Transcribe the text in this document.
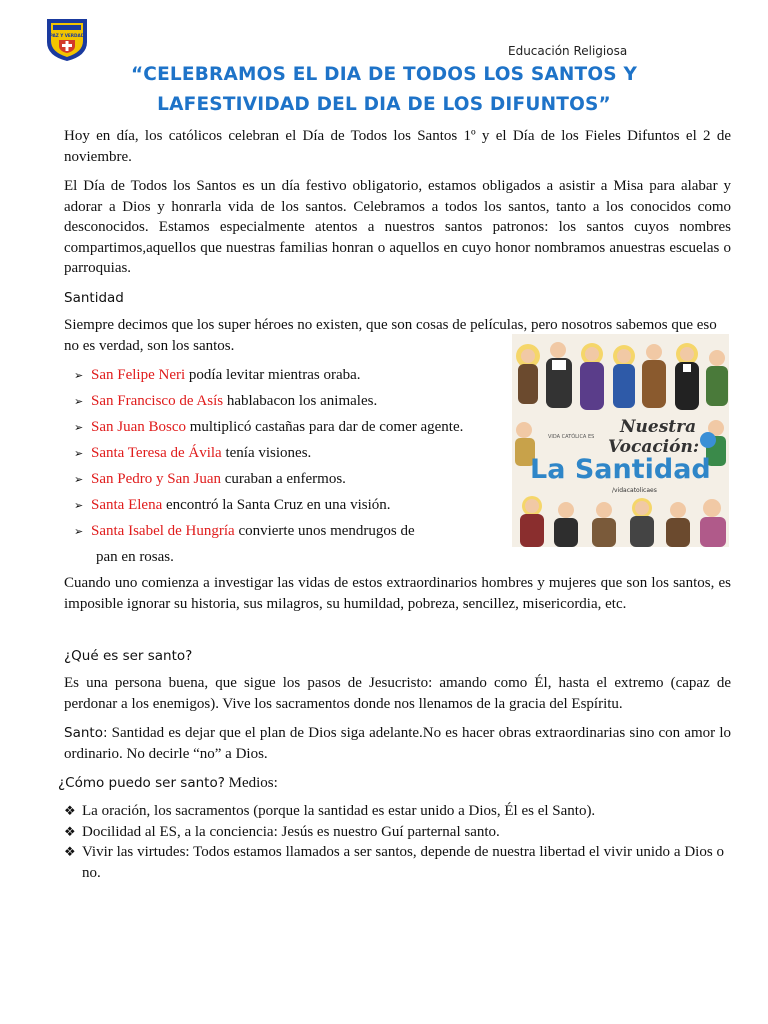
PAZ Y VERDAD
Educación Religiosa
“CELEBRAMOS EL DIA DE TODOS LOS SANTOS Y
LAFESTIVIDAD DEL DIA DE LOS DIFUNTOS”
Hoy en día, los católicos celebran el Día de Todos los Santos 1º y el Día de los Fieles Difuntos el 2 de noviembre.
El Día de Todos los Santos es un día festivo obligatorio, estamos obligados a asistir a Misa para alabar y adorar a Dios y honrarla vida de los santos. Celebramos a todos los santos, tanto a los conocidos como desconocidos. Estamos especialmente atentos a nuestros santos patronos: los santos cuyos nombres compartimos,aquellos que nuestras familias honran o aquellos en cuyo honor nombramos anuestras escuelas o parroquias.
Santidad
Siempre decimos que los super héroes no existen, que son cosas de películas, pero nosotros sabemos que eso no es verdad, son los santos.
➢ San Felipe Neri podía levitar mientras oraba.
➢ San Francisco de Asís hablabacon los animales.
➢ San Juan Bosco multiplicó castañas para dar de comer agente.
➢ Santa Teresa de Ávila tenía visiones.
➢ San Pedro y San Juan curaban a enfermos.
➢ Santa Elena encontró la Santa Cruz en una visión.
➢ Santa Isabel de Hungría convierte unos mendrugos de
pan en rosas.
VIDA CATÓLICA ES Nuestra
Vocación:
La Santidad
/vidacatolicaes
Cuando uno comienza a investigar las vidas de estos extraordinarios hombres y mujeres que son los santos, es imposible ignorar su historia, sus milagros, su humildad, pobreza, sencillez, misericordia, etc.
¿Qué es ser santo?
Es una persona buena, que sigue los pasos de Jesucristo: amando como Él, hasta el extremo (capaz de perdonar a los enemigos). Vive los sacramentos donde nos llenamos de la gracia del Espíritu.
Santo: Santidad es dejar que el plan de Dios siga adelante.No es hacer obras extraordinarias sino con amor lo ordinario. No decirle “no” a Dios.
¿Cómo puedo ser santo? Medios:
❖ La oración, los sacramentos (porque la santidad es estar unido a Dios, Él es el Santo).
❖ Docilidad al ES, a la conciencia: Jesús es nuestro Guí parternal santo.
❖ Vivir las virtudes: Todos estamos llamados a ser santos, depende de nuestra libertad el vivir unido a Dios o no.
